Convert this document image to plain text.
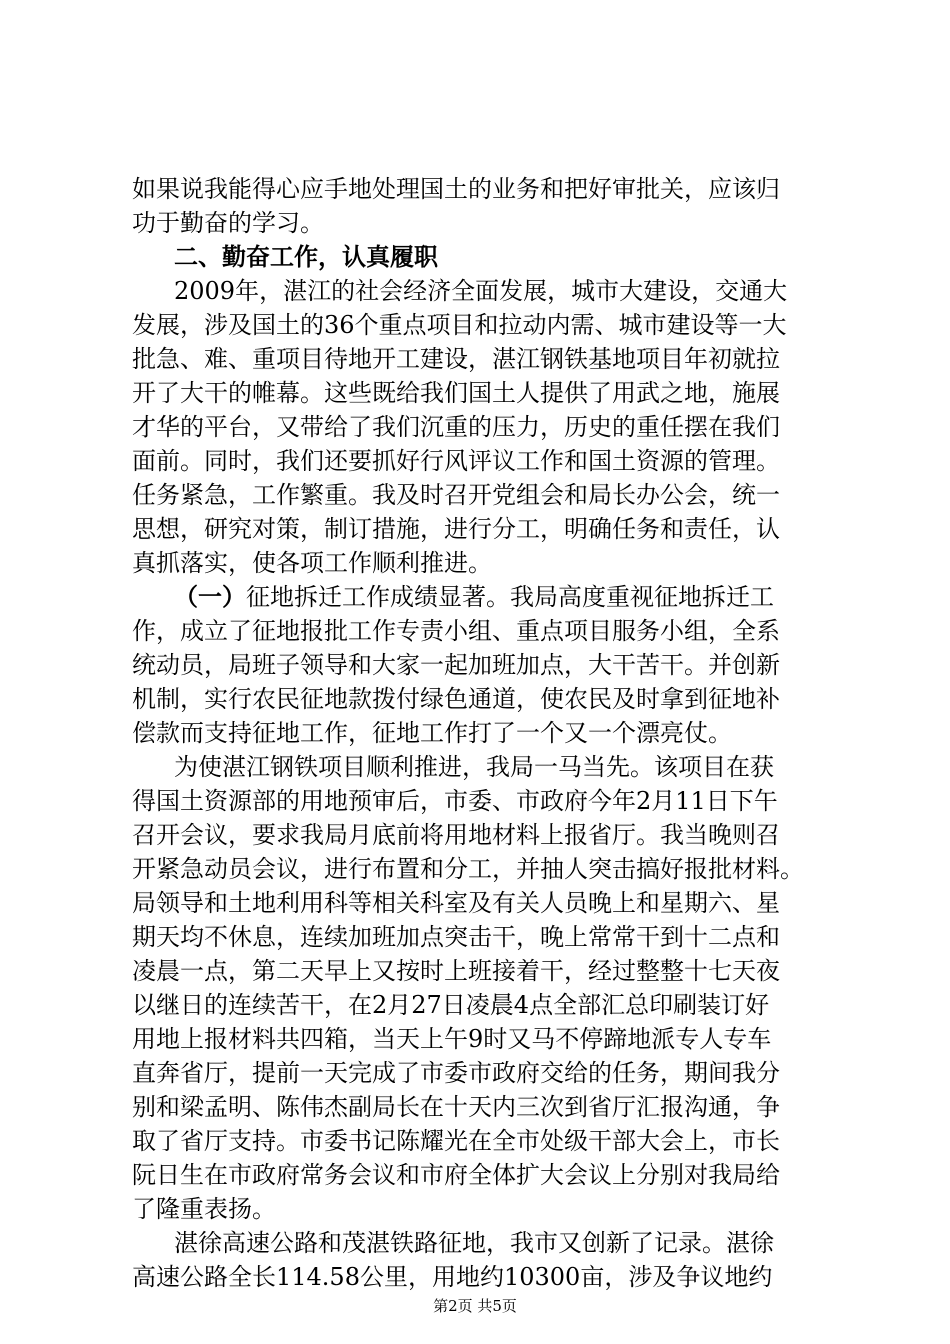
如果说我能得心应手地处理国土的业务和把好审批关，应该归
功于勤奋的学习。
二、勤奋工作，认真履职
2009年，湛江的社会经济全面发展，城市大建设，交通大
发展，涉及国土的36个重点项目和拉动内需、城市建设等一大
批急、难、重项目待地开工建设，湛江钢铁基地项目年初就拉
开了大干的帷幕。这些既给我们国土人提供了用武之地，施展
才华的平台，又带给了我们沉重的压力，历史的重任摆在我们
面前。同时，我们还要抓好行风评议工作和国土资源的管理。
任务紧急，工作繁重。我及时召开党组会和局长办公会，统一
思想，研究对策，制订措施，进行分工，明确任务和责任，认
真抓落实，使各项工作顺利推进。
（一）征地拆迁工作成绩显著。我局高度重视征地拆迁工
作，成立了征地报批工作专责小组、重点项目服务小组，全系
统动员，局班子领导和大家一起加班加点，大干苦干。并创新
机制，实行农民征地款拨付绿色通道，使农民及时拿到征地补
偿款而支持征地工作，征地工作打了一个又一个漂亮仗。
为使湛江钢铁项目顺利推进，我局一马当先。该项目在获
得国土资源部的用地预审后，市委、市政府今年2月11日下午
召开会议，要求我局月底前将用地材料上报省厅。我当晚则召
开紧急动员会议，进行布置和分工，并抽人突击搞好报批材料。
局领导和土地利用科等相关科室及有关人员晚上和星期六、星
期天均不休息，连续加班加点突击干，晚上常常干到十二点和
凌晨一点，第二天早上又按时上班接着干，经过整整十七天夜
以继日的连续苦干，在2月27日凌晨4点全部汇总印刷装订好
用地上报材料共四箱，当天上午9时又马不停蹄地派专人专车
直奔省厅，提前一天完成了市委市政府交给的任务，期间我分
别和梁孟明、陈伟杰副局长在十天内三次到省厅汇报沟通，争
取了省厅支持。市委书记陈耀光在全市处级干部大会上，市长
阮日生在市政府常务会议和市府全体扩大会议上分别对我局给
了隆重表扬。
湛徐高速公路和茂湛铁路征地，我市又创新了记录。湛徐
高速公路全长114.58公里，用地约10300亩，涉及争议地约
第2页 共5页
